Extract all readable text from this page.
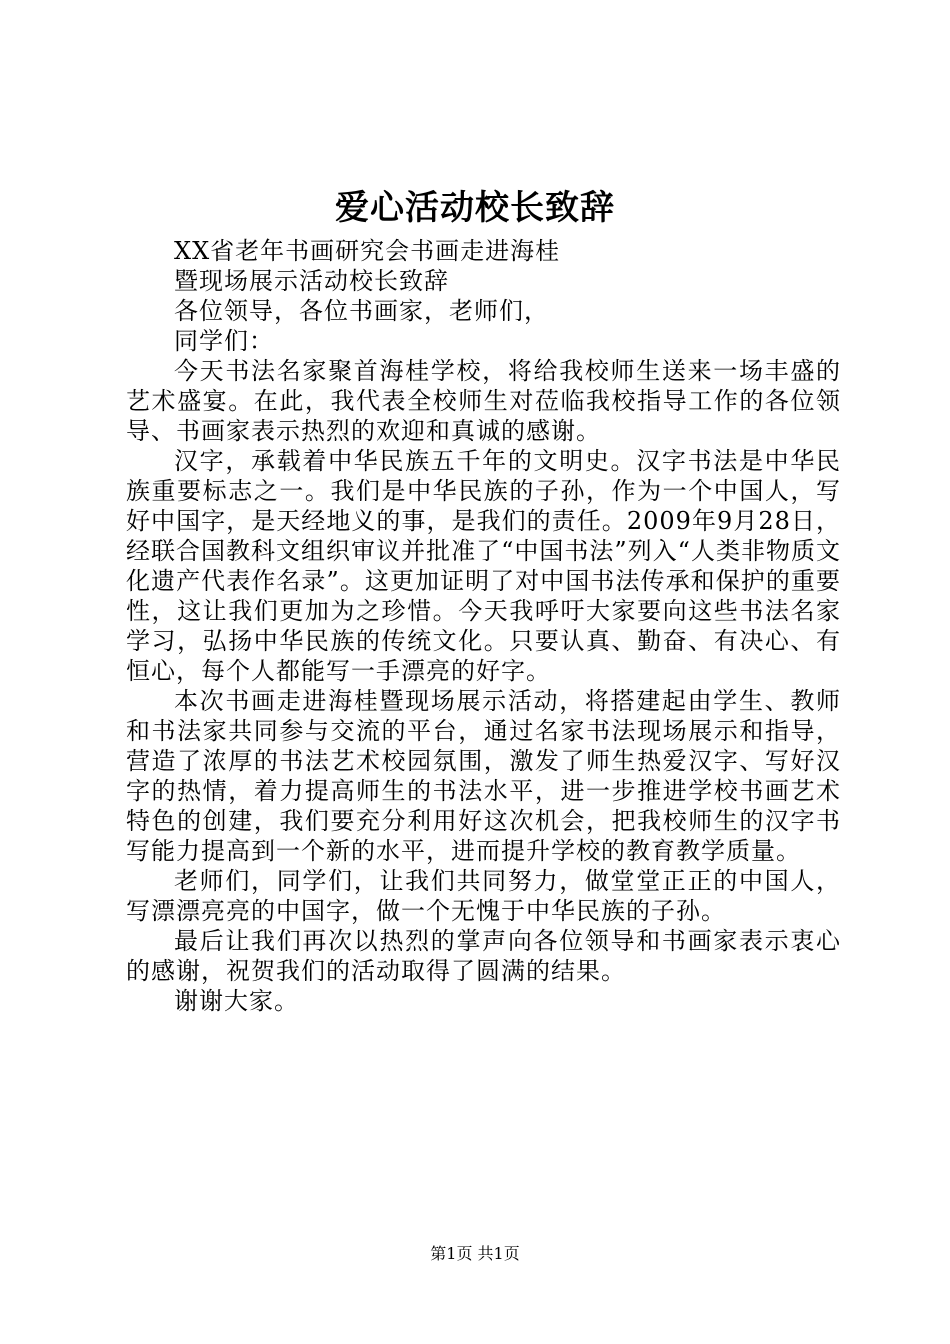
爱心活动校长致辞

XX省老年书画研究会书画走进海桂

暨现场展示活动校长致辞

各位领导，各位书画家，老师们，

同学们：

今天书法名家聚首海桂学校，将给我校师生送来一场丰盛的艺术盛宴。在此，我代表全校师生对莅临我校指导工作的各位领导、书画家表示热烈的欢迎和真诚的感谢。

汉字，承载着中华民族五千年的文明史。汉字书法是中华民族重要标志之一。我们是中华民族的子孙，作为一个中国人，写好中国字，是天经地义的事，是我们的责任。2009年9月28日，经联合国教科文组织审议并批准了“中国书法”列入“人类非物质文化遗产代表作名录”。这更加证明了对中国书法传承和保护的重要性，这让我们更加为之珍惜。今天我呼吁大家要向这些书法名家学习，弘扬中华民族的传统文化。只要认真、勤奋、有决心、有恒心，每个人都能写一手漂亮的好字。

本次书画走进海桂暨现场展示活动，将搭建起由学生、教师和书法家共同参与交流的平台，通过名家书法现场展示和指导，营造了浓厚的书法艺术校园氛围，激发了师生热爱汉字、写好汉字的热情，着力提高师生的书法水平，进一步推进学校书画艺术特色的创建，我们要充分利用好这次机会，把我校师生的汉字书写能力提高到一个新的水平，进而提升学校的教育教学质量。

老师们，同学们，让我们共同努力，做堂堂正正的中国人，写漂漂亮亮的中国字，做一个无愧于中华民族的子孙。

最后让我们再次以热烈的掌声向各位领导和书画家表示衷心的感谢，祝贺我们的活动取得了圆满的结果。

谢谢大家。

第1页 共1页
